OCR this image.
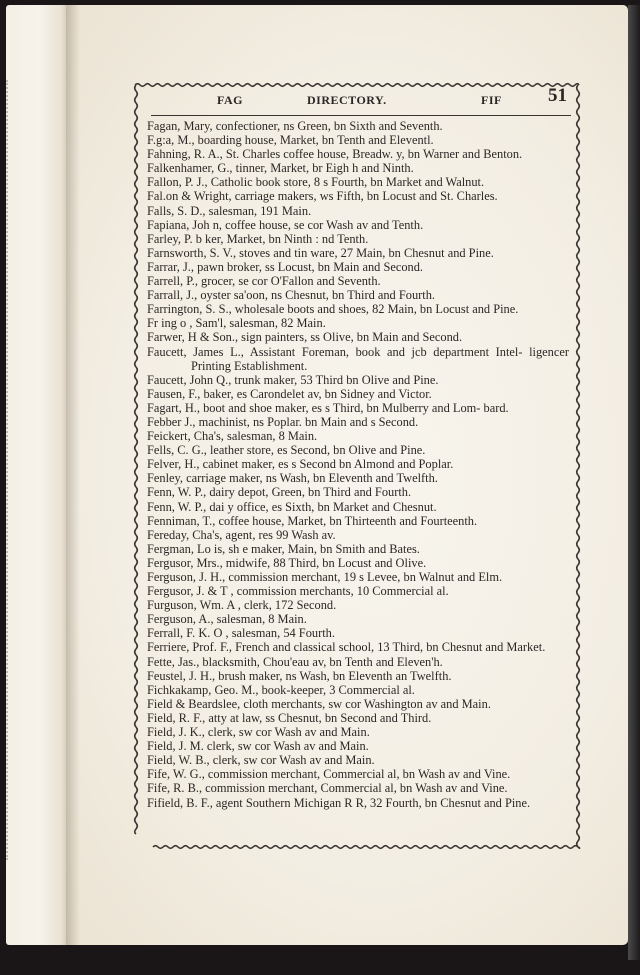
FAG	DIRECTORY.	FIF 51
Fagan, Mary, confectioner, ns Green, bn Sixth and Seventh.
F.g:a, M., boarding house, Market, bn Tenth and Eleventl.
Fahning, R. A., St. Charles coffee house, Breadw. y, bn Warner and Benton.
Falkenhamer, G., tinner, Market, br Eigh h and Ninth.
Fallon, P. J., Catholic book store, 8 s Fourth, bn Market and Walnut.
Fal.on & Wright, carriage makers, ws Fifth, bn Locust and St. Charles.
Falls, S. D., salesman, 191 Main.
Fapiana, Joh n, coffee house, se cor Wash av and Tenth.
Farley, P. b ker, Market, bn Ninth : nd Tenth.
Farnsworth, S. V., stoves and tin ware, 27 Main, bn Chesnut and Pine.
Farrar, J., pawn broker, ss Locust, bn Main and Second.
Farrell, P., grocer, se cor O'Fallon and Seventh.
Farrall, J., oyster sa'oon, ns Chesnut, bn Third and Fourth.
Farrington, S. S., wholesale boots and shoes, 82 Main, bn Locust and Pine.
Fr ing o , Sam'l, salesman, 82 Main.
Farwer, H & Son., sign painters, ss Olive, bn Main and Second.
Faucett, James L., Assistant Foreman, book and jcb department Intel- ligencer Printing Establishment.
Faucett, John Q., trunk maker, 53 Third bn Olive and Pine.
Fausen, F., baker, es Carondelet av, bn Sidney and Victor.
Fagart, H., boot and shoe maker, es s Third, bn Mulberry and Lom- bard.
Febber J., machinist, ns Poplar. bn Main and s Second.
Feickert, Cha's, salesman, 8 Main.
Fells, C. G., leather store, es Second, bn Olive and Pine.
Felver, H., cabinet maker, es s Second bn Almond and Poplar.
Fenley, carriage maker, ns Wash, bn Eleventh and Twelfth.
Fenn, W. P., dairy depot, Green, bn Third and Fourth.
Fenn, W. P., dai y office, es Sixth, bn Market and Chesnut.
Fenniman, T., coffee house, Market, bn Thirteenth and Fourteenth.
Fereday, Cha's, agent, res 99 Wash av.
Fergman, Lo is, sh e maker, Main, bn Smith and Bates.
Fergusor, Mrs., midwife, 88 Third, bn Locust and Olive.
Ferguson, J. H., commission merchant, 19 s Levee, bn Walnut and Elm.
Fergusor, J. & T , commission merchants, 10 Commercial al.
Furguson, Wm. A , clerk, 172 Second.
Ferguson, A., salesman, 8 Main.
Ferrall, F. K. O , salesman, 54 Fourth.
Ferriere, Prof. F., French and classical school, 13 Third, bn Chesnut and Market.
Fette, Jas., blacksmith, Chou'eau av, bn Tenth and Eleven'h.
Feustel, J. H., brush maker, ns Wash, bn Eleventh an Twelfth.
Fichkakamp, Geo. M., book-keeper, 3 Commercial al.
Field & Beardslee, cloth merchants, sw cor Washington av and Main.
Field, R. F., atty at law, ss Chesnut, bn Second and Third.
Field, J. K., clerk, sw cor Wash av and Main.
Field, J. M. clerk, sw cor Wash av and Main.
Field, W. B., clerk, sw cor Wash av and Main.
Fife, W. G., commission merchant, Commercial al, bn Wash av and Vine.
Fife, R. B., commission merchant, Commercial al, bn Wash av and Vine.
Fifield, B. F., agent Southern Michigan R R, 32 Fourth, bn Chesnut and Pine.
